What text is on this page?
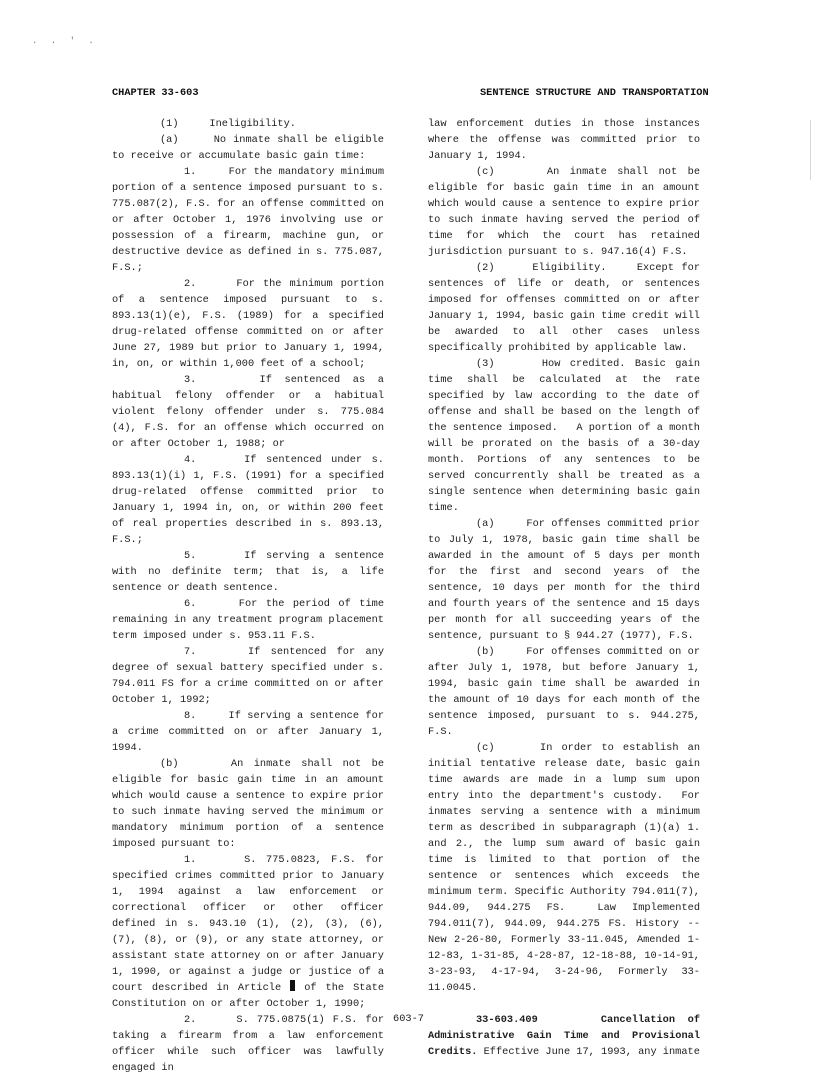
. . ' .
CHAPTER 33-603	SENTENCE STRUCTURE AND TRANSPORTATION

(1)     Ineligibility.

(a)     No inmate shall be eligible to receive or accumulate basic gain time:

1.     For the mandatory minimum portion of a sentence imposed pursuant to s. 775.087(2), F.S. for an offense committed on or after October 1, 1976 involving use or possession of a firearm, machine gun, or destructive device as defined in s. 775.087, F.S.;

2.     For the minimum portion of a sentence imposed pursuant to s. 893.13(1)(e), F.S. (1989) for a specified drug-related offense committed on or after June 27, 1989 but prior to January 1, 1994, in, on, or within 1,000 feet of a school;

3.     If sentenced as a habitual felony offender or a habitual violent felony offender under s. 775.084 (4), F.S. for an offense which occurred on or after October 1, 1988; or

4.     If sentenced under s. 893.13(1)(i) 1, F.S. (1991) for a specified drug-related offense committed prior to January 1, 1994 in, on, or within 200 feet of real properties described in s. 893.13, F.S.;

5.     If serving a sentence with no definite term; that is, a life sentence or death sentence.

6.     For the period of time remaining in any treatment program placement term imposed under s. 953.11 F.S.

7.     If sentenced for any degree of sexual battery specified under s. 794.011 FS for a crime committed on or after October 1, 1992;

8.     If serving a sentence for a crime committed on or after January 1, 1994.

(b)     An inmate shall not be eligible for basic gain time in an amount which would cause a sentence to expire prior to such inmate having served the minimum or mandatory minimum portion of a sentence imposed pursuant to:

1.     S. 775.0823, F.S. for specified crimes committed prior to January 1, 1994 against a law enforcement or correctional officer or other officer defined in s. 943.10 (1), (2), (3), (6), (7), (8), or (9), or any state attorney, or assistant state attorney on or after January 1, 1990, or against a judge or justice of a court described in Article of the State Constitution on or after October 1, 1990;

2.     S. 775.0875(1) F.S. for taking a firearm from a law enforcement officer while such officer was lawfully engaged in

law enforcement duties in those instances where the offense was committed prior to January 1, 1994.

(c)     An inmate shall not be eligible for basic gain time in an amount which would cause a sentence to expire prior to such inmate having served the period of time for which the court has retained jurisdiction pursuant to s. 947.16(4) F.S.

(2)     Eligibility.    Except for sentences of life or death, or sentences imposed for offenses committed on or after January 1, 1994, basic gain time credit will be awarded to all other cases unless specifically prohibited by applicable law.

(3)     How credited. Basic gain time shall be calculated at the rate specified by law according to the date of offense and shall be based on the length of the sentence imposed.   A portion of a month will be prorated on the basis of a 30-day month. Portions of any sentences to be served concurrently shall be treated as a single sentence when determining basic gain time.

(a)     For offenses committed prior to July 1, 1978, basic gain time shall be awarded in the amount of 5 days per month for the first and second years of the sentence, 10 days per month for the third and fourth years of the sentence and 15 days per month for all succeeding years of the sentence, pursuant to § 944.27 (1977), F.S.

(b)     For offenses committed on or after July 1, 1978, but before January 1, 1994, basic gain time shall be awarded in the amount of 10 days for each month of the sentence imposed, pursuant to s. 944.275, F.S.

(c)     In order to establish an initial tentative release date, basic gain time awards are made in a lump sum upon entry into the department's custody.  For inmates serving a sentence with a minimum term as described in subparagraph (1)(a) 1. and 2., the lump sum award of basic gain time is limited to that portion of the sentence or sentences which exceeds the minimum term. Specific Authority 794.011(7), 944.09, 944.275 FS.  Law Implemented 794.011(7), 944.09, 944.275 FS. History -- New 2-26-80, Formerly 33-11.045, Amended 1-12-83, 1-31-85, 4-28-87, 12-18-88, 10-14-91, 3-23-93, 4-17-94, 3-24-96, Formerly 33-11.0045.

33-603.409     Cancellation of Administrative Gain Time and Provisional Credits. Effective June 17, 1993, any inmate

603-7
